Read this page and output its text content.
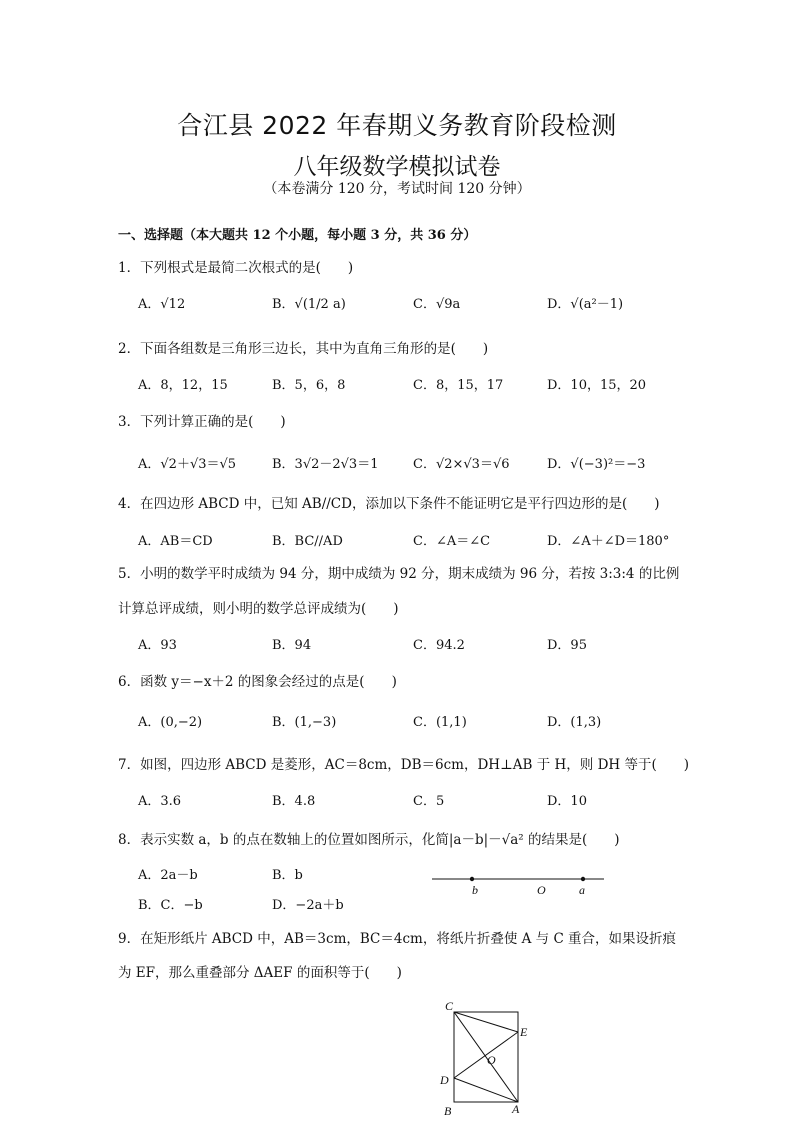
合江县 2022 年春期义务教育阶段检测
八年级数学模拟试卷
（本卷满分 120 分，考试时间 120 分钟）
一、选择题（本大题共 12 个小题，每小题 3 分，共 36 分）
1．下列根式是最简二次根式的是(　　)
A．√12	B．√(1/2 a)	C．√9a	D．√(a²－1)
2．下面各组数是三角形三边长，其中为直角三角形的是(　　)
A．8，12，15	B．5，6，8	C．8，15，17	D．10，15，20
3．下列计算正确的是(　　)
A．√2＋√3＝√5	B．3√2－2√3＝1	C．√2×√3＝√6	D．√(−3)²＝−3
4．在四边形 ABCD 中，已知 AB//CD，添加以下条件不能证明它是平行四边形的是(　　)
A．AB＝CD	B．BC//AD	C．∠A＝∠C	D．∠A＋∠D＝180°
5．小明的数学平时成绩为 94 分，期中成绩为 92 分，期末成绩为 96 分，若按 3:3:4 的比例
计算总评成绩，则小明的数学总评成绩为(　　)
A．93	B．94	C．94.2	D．95
6．函数 y＝−x＋2 的图象会经过的点是(　　)
A．(0,−2)	B．(1,−3)	C．(1,1)	D．(1,3)
7．如图，四边形 ABCD 是菱形，AC＝8cm，DB＝6cm，DH⊥AB 于 H，则 DH 等于(　　)
A．3.6	B．4.8	C．5	D．10
8．表示实数 a，b 的点在数轴上的位置如图所示，化简|a－b|－√a² 的结果是(　　)
A．2a－b	B．b
B．C．−b	D．−2a＋b
b	O	a
9．在矩形纸片 ABCD 中，AB＝3cm，BC＝4cm，将纸片折叠使 A 与 C 重合，如果设折痕
为 EF，那么重叠部分 ΔAEF 的面积等于(　　)
C
E
O
D
B	A
